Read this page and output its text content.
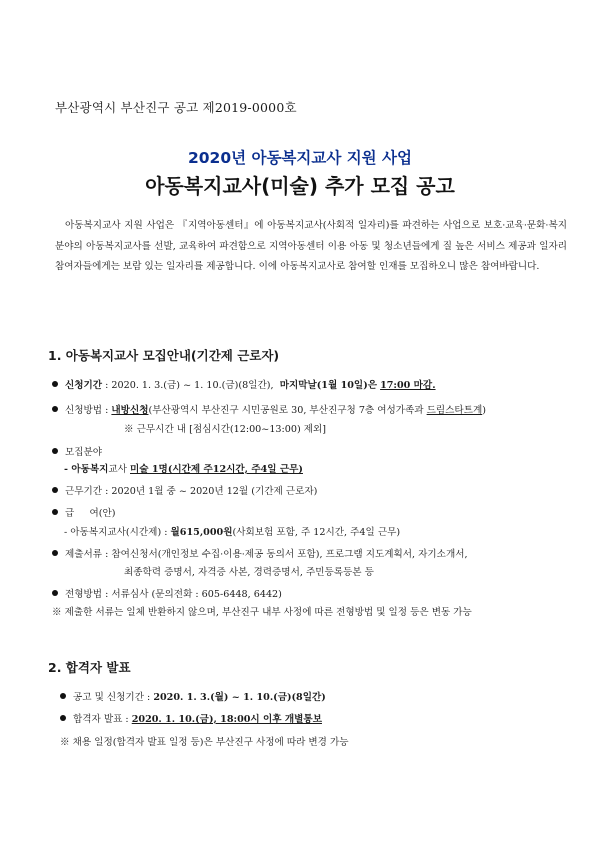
부산광역시 부산진구 공고 제2019-0000호
2020년 아동복지교사 지원 사업
아동복지교사(미술) 추가 모집 공고
아동복지교사 지원 사업은 『지역아동센터』에 아동복지교사(사회적 일자리)를 파견하는 사업으로 보호·교육·문화·복지 분야의 아동복지교사를 선발, 교육하여 파견함으로 지역아동센터 이용 아동 및 청소년들에게 질 높은 서비스 제공과 일자리 참여자들에게는 보람 있는 일자리를 제공합니다. 이에 아동복지교사로 참여할 인재를 모집하오니 많은 참여바랍니다.
1. 아동복지교사 모집안내(기간제 근로자)
신청기간 : 2020. 1. 3.(금) ~ 1. 10.(금)(8일간), 마지막날(1월 10일)은 17:00 마감.
신청방법 : 내방신청(부산광역시 부산진구 시민공원로 30, 부산진구청 7층 여성가족과 드림스타트계)
※ 근무시간 내 [점심시간(12:00~13:00) 제외]
모집분야
- 아동복지교사 미술 1명(시간제 주12시간, 주4일 근무)
근무기간 : 2020년 1월 중 ~ 2020년 12월 (기간제 근로자)
급     여(안)
- 아동복지교사(시간제) : 월615,000원(사회보험 포함, 주 12시간, 주4일 근무)
제출서류 : 참여신청서(개인정보 수집·이용·제공 동의서 포함), 프로그램 지도계획서, 자기소개서,
최종학력 증명서, 자격증 사본, 경력증명서, 주민등록등본 등
전형방법 : 서류심사 (문의전화 : 605-6448, 6442)
※ 제출한 서류는 일체 반환하지 않으며, 부산진구 내부 사정에 따른 전형방법 및 일정 등은 변동 가능
2. 합격자 발표
공고 및 신청기간 : 2020. 1. 3.(월) ~ 1. 10.(금)(8일간)
합격자 발표 : 2020. 1. 10.(금), 18:00시 이후 개별통보
※ 채용 일정(합격자 발표 일정 등)은 부산진구 사정에 따라 변경 가능
